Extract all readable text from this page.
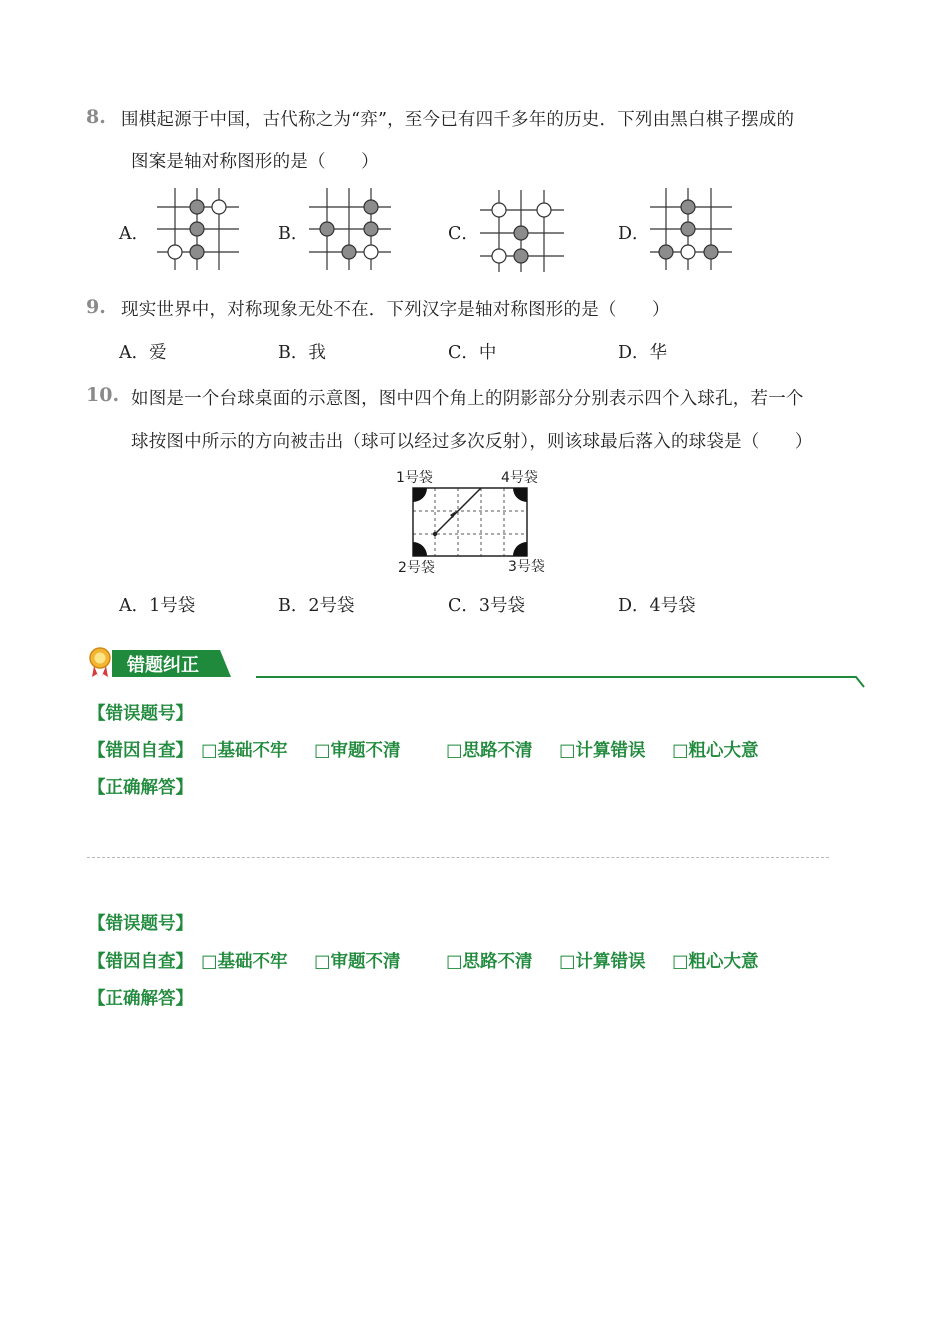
8. 围棋起源于中国，古代称之为“弈”，至今已有四千多年的历史．下列由黑白棋子摆成的
图案是轴对称图形的是（　　）
A．	B．	C．	D．
9. 现实世界中，对称现象无处不在．下列汉字是轴对称图形的是（　　）
A．爱	B．我	C．中	D．华
10. 如图是一个台球桌面的示意图，图中四个角上的阴影部分分别表示四个入球孔，若一个
球按图中所示的方向被击出（球可以经过多次反射），则该球最后落入的球袋是（　　）
1号袋	4号袋
2号袋	3号袋
A．1号袋	B．2号袋	C．3号袋	D．4号袋
错题纠正
【错误题号】
【错因自查】 □基础不牢 □审题不清	□思路不清 □计算错误 □粗心大意
【正确解答】
【错误题号】
【错因自查】 □基础不牢 □审题不清	□思路不清 □计算错误 □粗心大意
【正确解答】
